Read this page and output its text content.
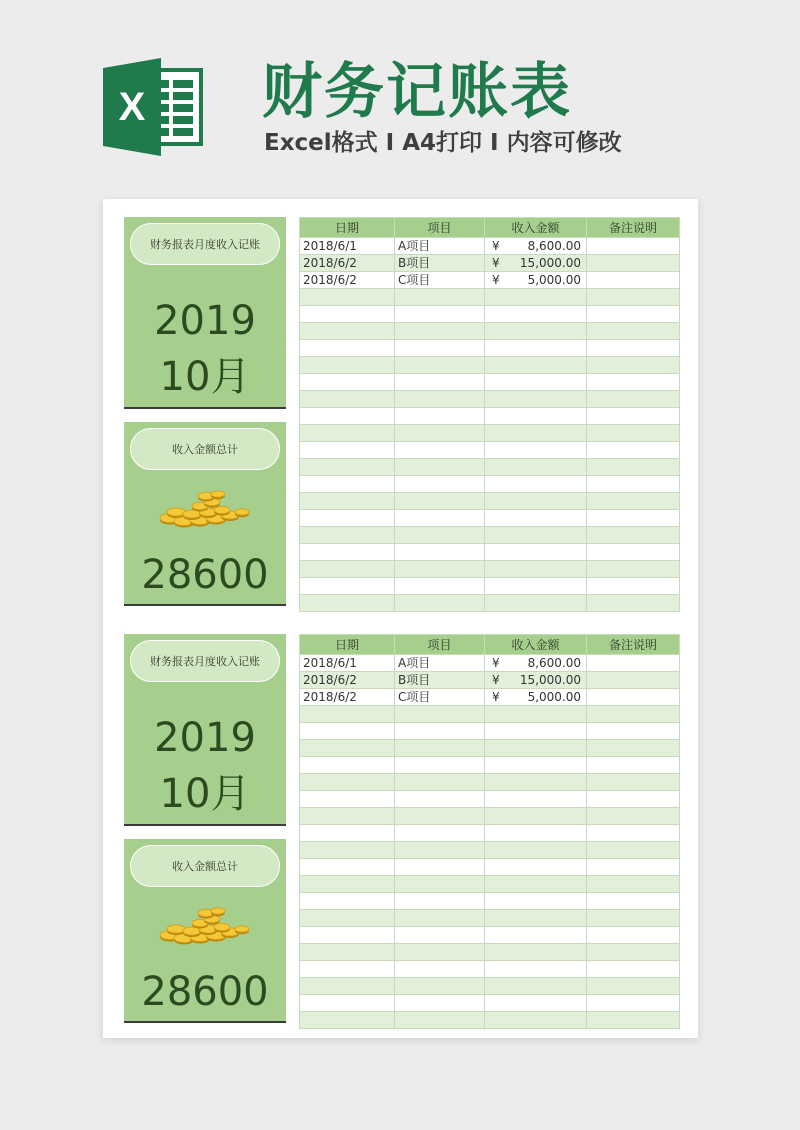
X 财务记账表

Excel格式 I A4打印 I 内容可修改

财务报表月度收入记账
2019
10月
收入金额总计
28600
日期	项目	收入金额	备注说明
2018/6/1	A项目	¥ 8,600.00	

2018/6/2	B项目	¥ 15,000.00	

2018/6/2	C项目	¥ 5,000.00	

财务报表月度收入记账
2019
10月
收入金额总计
28600
日期	项目	收入金额	备注说明
2018/6/1	A项目	¥ 8,600.00	

2018/6/2	B项目	¥ 15,000.00	

2018/6/2	C项目	¥ 5,000.00	
